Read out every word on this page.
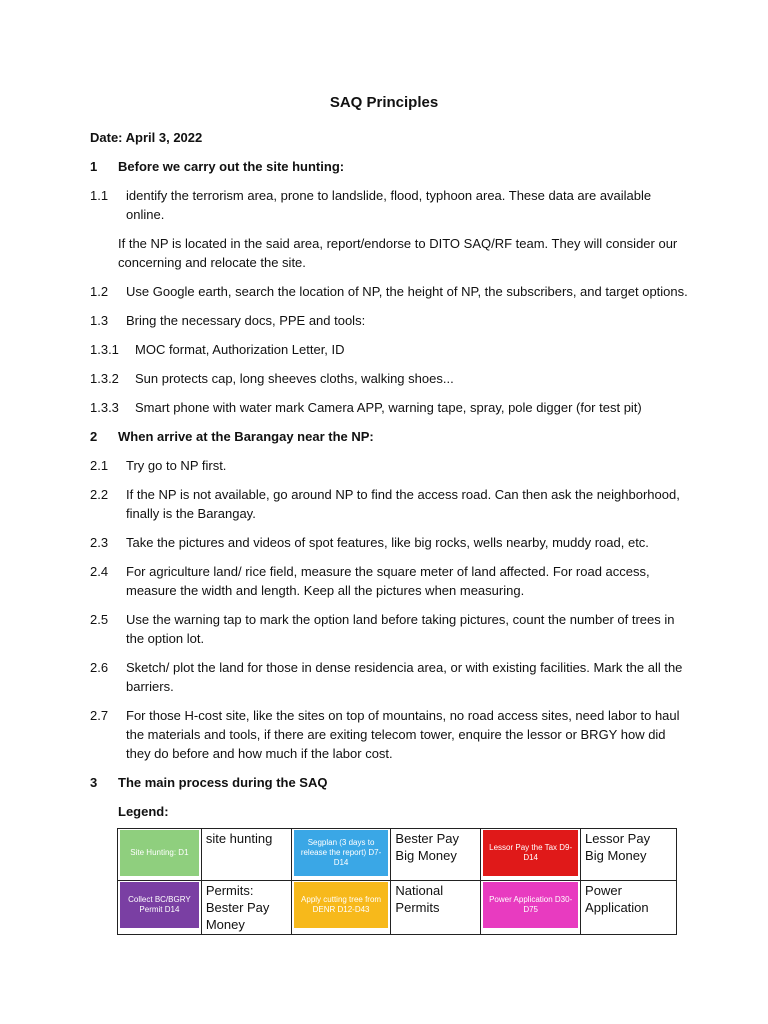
SAQ Principles
Date: April 3, 2022
1 Before we carry out the site hunting:
1.1 identify the terrorism area, prone to landslide, flood, typhoon area. These data are available
online.
If the NP is located in the said area, report/endorse to DITO SAQ/RF team. They will consider our
concerning and relocate the site.
1.2 Use Google earth, search the location of NP, the height of NP, the subscribers, and target options.
1.3 Bring the necessary docs, PPE and tools:
1.3.1 MOC format, Authorization Letter, ID
1.3.2 Sun protects cap, long sheeves cloths, walking shoes...
1.3.3 Smart phone with water mark Camera APP, warning tape, spray, pole digger (for test pit)
2 When arrive at the Barangay near the NP:
2.1 Try go to NP first.
2.2 If the NP is not available, go around NP to find the access road. Can then ask the neighborhood,
finally is the Barangay.
2.3 Take the pictures and videos of spot features, like big rocks, wells nearby, muddy road, etc.
2.4 For agriculture land/ rice field, measure the square meter of land affected. For road access,
measure the width and length. Keep all the pictures when measuring.
2.5 Use the warning tap to mark the option land before taking pictures, count the number of trees in
the option lot.
2.6 Sketch/ plot the land for those in dense residencia area, or with existing facilities. Mark the all the
barriers.
2.7 For those H-cost site, like the sites on top of mountains, no road access sites, need labor to haul
the materials and tools, if there are exiting telecom tower, enquire the lessor or BRGY how did
they do before and how much if the labor cost.
3 The main process during the SAQ
Legend:
Site Hunting: D1	site hunting	Segplan (3 days to release the report) D7-D14	Bester Pay
Big Money	Lessor Pay the Tax D9-D14	Lessor Pay
Big Money

Collect BC/BGRY Permit D14	Permits:
Bester Pay
Money	Apply cutting tree from DENR D12-D43	National
Permits	Power Application D30-D75	Power
Application
